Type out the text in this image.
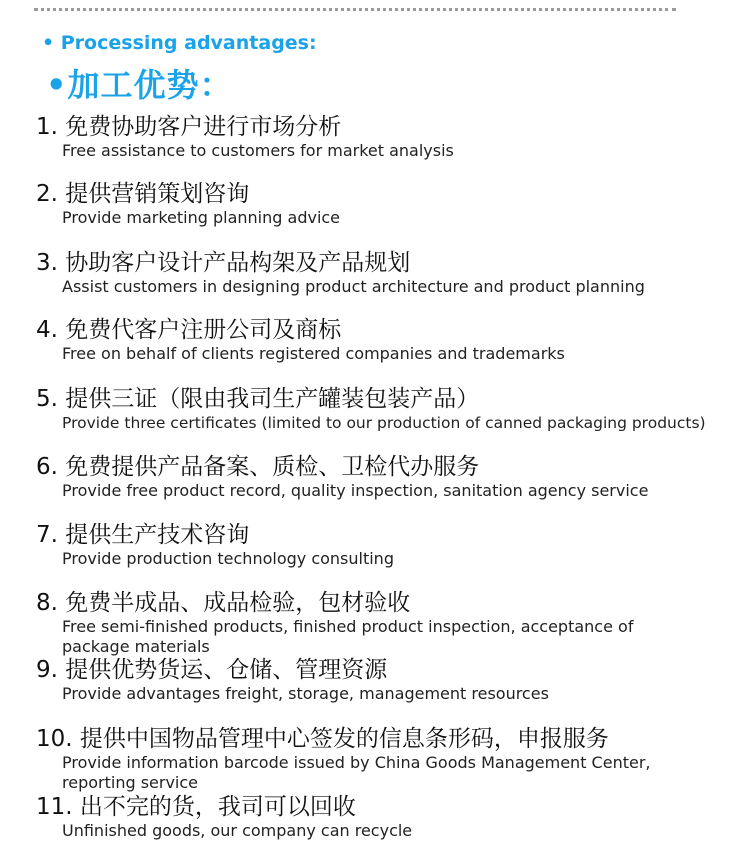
• Processing advantages:
•加工优势：
1. 免费协助客户进行市场分析
Free assistance to customers for market analysis
2. 提供营销策划咨询
Provide marketing planning advice
3. 协助客户设计产品构架及产品规划
Assist customers in designing product architecture and product planning
4. 免费代客户注册公司及商标
Free on behalf of clients registered companies and trademarks
5. 提供三证（限由我司生产罐装包装产品）
Provide three certificates (limited to our production of canned packaging products)
6. 免费提供产品备案、质检、卫检代办服务
Provide free product record, quality inspection, sanitation agency service
7. 提供生产技术咨询
Provide production technology consulting
8. 免费半成品、成品检验，包材验收
Free semi-finished products, finished product inspection, acceptance of package materials
9. 提供优势货运、仓储、管理资源
Provide advantages freight, storage, management resources
10. 提供中国物品管理中心签发的信息条形码，申报服务
Provide information barcode issued by China Goods Management Center, reporting service
11. 出不完的货，我司可以回收
Unfinished goods, our company can recycle
